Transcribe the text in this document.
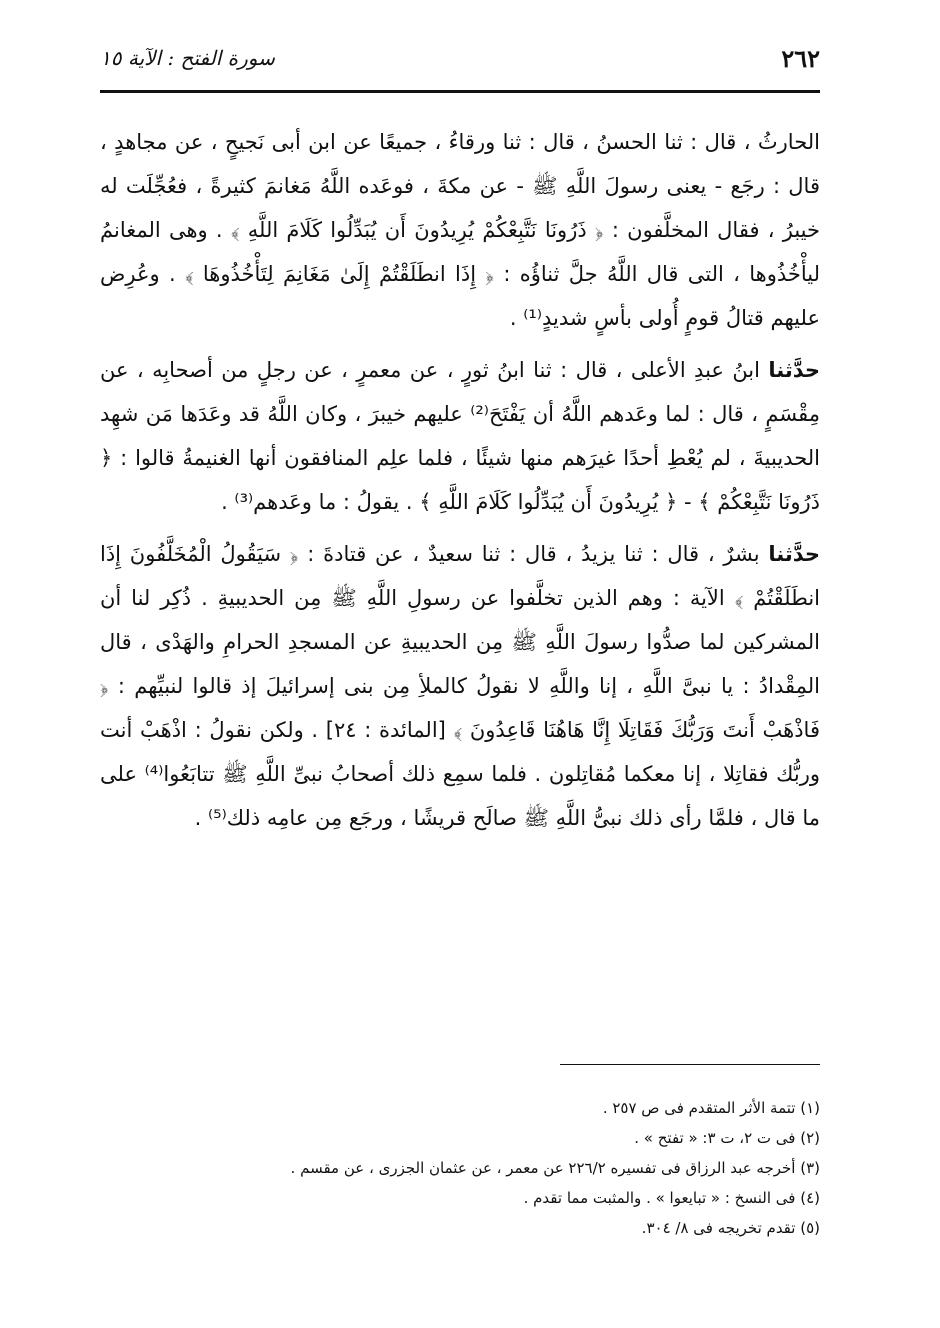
٢٦٢
سورة الفتح : الآية ١٥

الحارثُ ، قال : ثنا الحسنُ ، قال : ثنا ورقاءُ ، جميعًا عن ابن أبى نَجيحٍ ، عن مجاهدٍ ، قال : رجَع - يعنى رسولَ اللَّهِ ﷺ - عن مكةَ ، فوعَده اللَّهُ مَغانمَ كثيرةً ، فعُجِّلَت له خيبرُ ، فقال المخلَّفون : ﴿ ذَرُونَا نَتَّبِعْكُمْ يُرِيدُونَ أَن يُبَدِّلُوا كَلَامَ اللَّهِ ﴾ . وهى المغانمُ ليأْخُذُوها ، التى قال اللَّهُ جلَّ ثناؤُه : ﴿ إِذَا انطَلَقْتُمْ إِلَىٰ مَغَانِمَ لِتَأْخُذُوهَا ﴾ . وعُرِض عليهم قتالُ قومٍ أُولى بأسٍ شديدٍ⁽¹⁾ .

حدَّثنا ابنُ عبدِ الأعلى ، قال : ثنا ابنُ ثورٍ ، عن معمرٍ ، عن رجلٍ من أصحابِه ، عن مِقْسَمٍ ، قال : لما وعَدهم اللَّهُ أن يَفْتَحَ⁽²⁾ عليهم خيبرَ ، وكان اللَّهُ قد وعَدَها مَن شهِد الحديبيةَ ، لم يُعْطِ أحدًا غيرَهم منها شيئًا ، فلما علِم المنافقون أنها الغنيمةُ قالوا : ﴿ ذَرُونَا نَتَّبِعْكُمْ ﴾ - ﴿ يُرِيدُونَ أَن يُبَدِّلُوا كَلَامَ اللَّهِ ﴾ . يقولُ : ما وعَدهم⁽³⁾ .

حدَّثنا بشرٌ ، قال : ثنا يزيدُ ، قال : ثنا سعيدٌ ، عن قتادةَ : ﴿ سَيَقُولُ الْمُخَلَّفُونَ إِذَا انطَلَقْتُمْ ﴾ الآية : وهم الذين تخلَّفوا عن رسولِ اللَّهِ ﷺ مِن الحديبيةِ . ذُكِر لنا أن المشركين لما صدُّوا رسولَ اللَّهِ ﷺ مِن الحديبيةِ عن المسجدِ الحرامِ والهَدْى ، قال المِقْدادُ : يا نبىَّ اللَّهِ ، إنا واللَّهِ لا نقولُ كالملأِ مِن بنى إسرائيلَ إذ قالوا لنبيِّهم : ﴿ فَاذْهَبْ أَنتَ وَرَبُّكَ فَقَاتِلَا إِنَّا هَاهُنَا قَاعِدُونَ ﴾ [المائدة : ٢٤] . ولكن نقولُ : اذْهَبْ أنت وربُّك فقاتِلا ، إنا معكما مُقاتِلون . فلما سمِع ذلك أصحابُ نبىِّ اللَّهِ ﷺ تتابَعُوا⁽⁴⁾ على ما قال ، فلمَّا رأى ذلك نبىُّ اللَّهِ ﷺ صالَح قريشًا ، ورجَع مِن عامِه ذلك⁽⁵⁾ .

(١) تتمة الأثر المتقدم فى ص ٢٥٧ .

(٢) فى ت ٢، ت ٣: « تفتح » .

(٣) أخرجه عبد الرزاق فى تفسيره ٢٢٦/٢ عن معمر ، عن عثمان الجزرى ، عن مقسم .

(٤) فى النسخ : « تبايعوا » . والمثبت مما تقدم .

(٥) تقدم تخريجه فى ٨/ ٣٠٤.
